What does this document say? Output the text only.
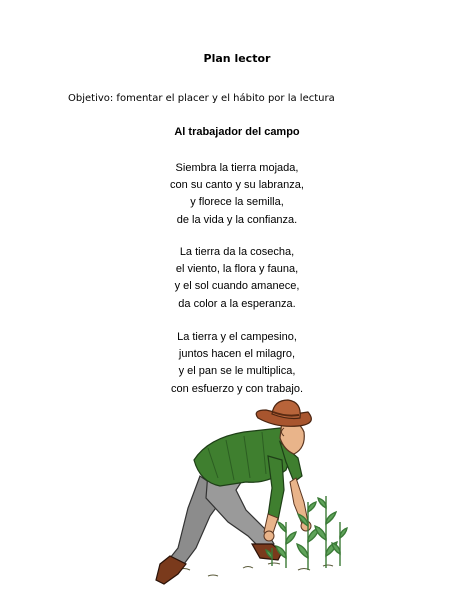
Plan lector
Objetivo: fomentar el placer y el hábito por la lectura
Al trabajador del campo
Siembra la tierra mojada,
con su canto y su labranza,
y florece la semilla,
de la vida y la confianza.
La tierra da la cosecha,
el viento, la flora y fauna,
y el sol cuando amanece,
da color a la esperanza.
La tierra y el campesino,
juntos hacen el milagro,
y el pan se le multiplica,
con esfuerzo y con trabajo.
